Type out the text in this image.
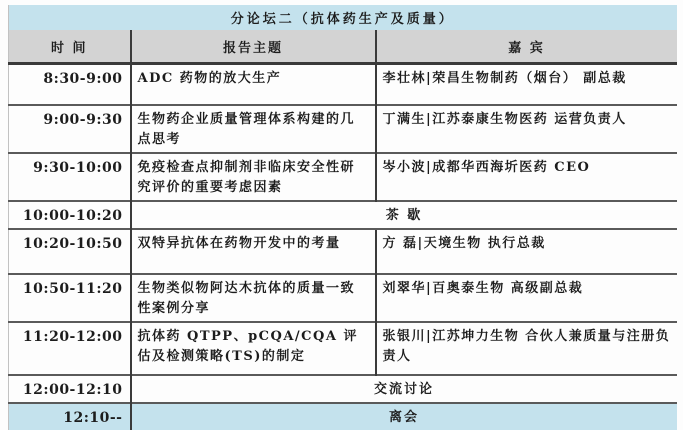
分论坛二（抗体药生产及质量）		
时 间	报告主题	嘉 宾
8:30-9:00	ADC 药物的放大生产	李壮林|荣昌生物制药（烟台） 副总裁
9:00-9:30	生物药企业质量管理体系构建的几点思考	丁满生|江苏泰康生物医药 运营负责人
9:30-10:00	免疫检查点抑制剂非临床安全性研究评价的重要考虑因素	岑小波|成都华西海圻医药 CEO
10:00-10:20	茶 歇	
10:20-10:50	双特异抗体在药物开发中的考量	方 磊|天境生物 执行总裁
10:50-11:20	生物类似物阿达木抗体的质量一致性案例分享	刘翠华|百奥泰生物 高级副总裁
11:20-12:00	抗体药 QTPP、pCQA/CQA 评估及检测策略(TS)的制定	张银川|江苏坤力生物 合伙人兼质量与注册负责人
12:00-12:10	交流讨论	
12:10--	离会	
